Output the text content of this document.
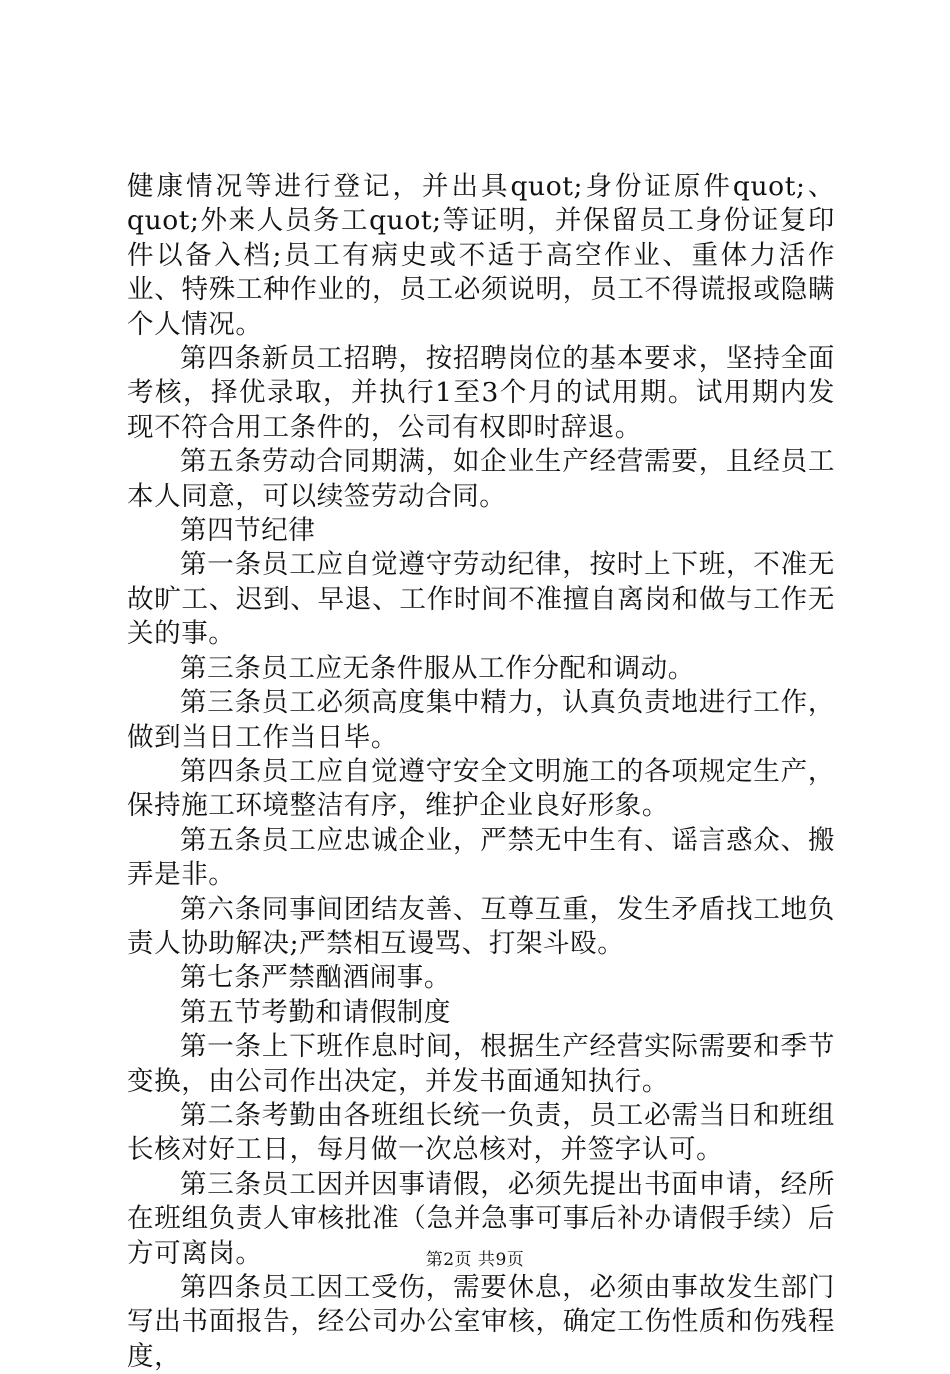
健康情况等进行登记，并出具quot;身份证原件quot;、quot;外来人员务工quot;等证明，并保留员工身份证复印件以备入档;员工有病史或不适于高空作业、重体力活作业、特殊工种作业的，员工必须说明，员工不得谎报或隐瞒个人情况。

第四条新员工招聘，按招聘岗位的基本要求，坚持全面考核，择优录取，并执行1至3个月的试用期。试用期内发现不符合用工条件的，公司有权即时辞退。

第五条劳动合同期满，如企业生产经营需要，且经员工本人同意，可以续签劳动合同。

第四节纪律

第一条员工应自觉遵守劳动纪律，按时上下班，不准无故旷工、迟到、早退、工作时间不准擅自离岗和做与工作无关的事。

第三条员工应无条件服从工作分配和调动。

第三条员工必须高度集中精力，认真负责地进行工作，做到当日工作当日毕。

第四条员工应自觉遵守安全文明施工的各项规定生产，保持施工环境整洁有序，维护企业良好形象。

第五条员工应忠诚企业，严禁无中生有、谣言惑众、搬弄是非。

第六条同事间团结友善、互尊互重，发生矛盾找工地负责人协助解决;严禁相互谩骂、打架斗殴。

第七条严禁酗酒闹事。

第五节考勤和请假制度

第一条上下班作息时间，根据生产经营实际需要和季节变换，由公司作出决定，并发书面通知执行。

第二条考勤由各班组长统一负责，员工必需当日和班组长核对好工日，每月做一次总核对，并签字认可。

第三条员工因并因事请假，必须先提出书面申请，经所在班组负责人审核批准（急并急事可事后补办请假手续）后方可离岗。

第四条员工因工受伤，需要休息，必须由事故发生部门写出书面报告，经公司办公室审核，确定工伤性质和伤残程度，

第2页 共9页
